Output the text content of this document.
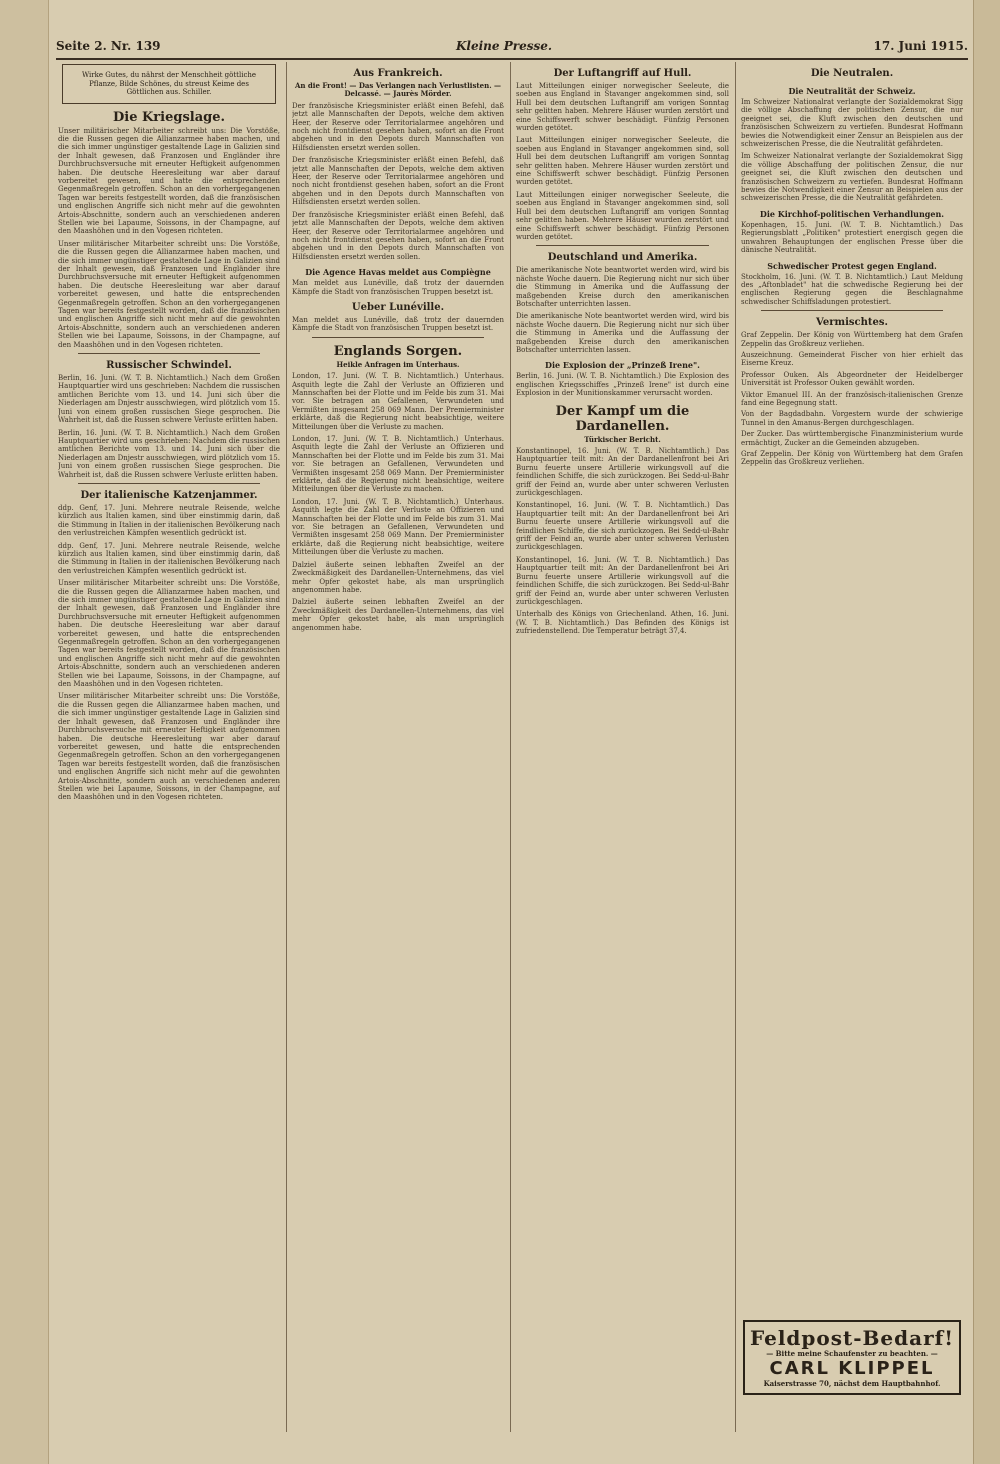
Seite 2. Nr. 139	Kleine Presse.	17. Juni 1915.
Wirke Gutes, du nährst der Menschheit göttliche Pflanze, Bilde Schönes, du streust Keime des Göttlichen aus. Schiller.
Die Kriegslage.

Unser militärischer Mitarbeiter schreibt uns: Die Vorstöße, die die Russen gegen die Allianzarmee haben machen, und die sich immer ungünstiger gestaltende Lage in Galizien sind der Inhalt gewesen, daß Franzosen und Engländer ihre Durchbruchsversuche mit erneuter Heftigkeit aufgenommen haben. Die deutsche Heeresleitung war aber darauf vorbereitet gewesen, und hatte die entsprechenden Gegenmaßregeln getroffen. Schon an den vorhergegangenen Tagen war bereits festgestellt worden, daß die französischen und englischen Angriffe sich nicht mehr auf die gewohnten Artois-Abschnitte, sondern auch an verschiedenen anderen Stellen wie bei Lapaume, Soissons, in der Champagne, auf den Maashöhen und in den Vogesen richteten.

Unser militärischer Mitarbeiter schreibt uns: Die Vorstöße, die die Russen gegen die Allianzarmee haben machen, und die sich immer ungünstiger gestaltende Lage in Galizien sind der Inhalt gewesen, daß Franzosen und Engländer ihre Durchbruchsversuche mit erneuter Heftigkeit aufgenommen haben. Die deutsche Heeresleitung war aber darauf vorbereitet gewesen, und hatte die entsprechenden Gegenmaßregeln getroffen. Schon an den vorhergegangenen Tagen war bereits festgestellt worden, daß die französischen und englischen Angriffe sich nicht mehr auf die gewohnten Artois-Abschnitte, sondern auch an verschiedenen anderen Stellen wie bei Lapaume, Soissons, in der Champagne, auf den Maashöhen und in den Vogesen richteten.

Russischer Schwindel.

Berlin, 16. Juni. (W. T. B. Nichtamtlich.) Nach dem Großen Hauptquartier wird uns geschrieben: Nachdem die russischen amtlichen Berichte vom 13. und 14. Juni sich über die Niederlagen am Dnjestr ausschwiegen, wird plötzlich vom 15. Juni von einem großen russischen Siege gesprochen. Die Wahrheit ist, daß die Russen schwere Verluste erlitten haben.

Berlin, 16. Juni. (W. T. B. Nichtamtlich.) Nach dem Großen Hauptquartier wird uns geschrieben: Nachdem die russischen amtlichen Berichte vom 13. und 14. Juni sich über die Niederlagen am Dnjestr ausschwiegen, wird plötzlich vom 15. Juni von einem großen russischen Siege gesprochen. Die Wahrheit ist, daß die Russen schwere Verluste erlitten haben.

Der italienische Katzenjammer.

ddp. Genf, 17. Juni. Mehrere neutrale Reisende, welche kürzlich aus Italien kamen, sind über einstimmig darin, daß die Stimmung in Italien in der italienischen Bevölkerung nach den verlustreichen Kämpfen wesentlich gedrückt ist.

ddp. Genf, 17. Juni. Mehrere neutrale Reisende, welche kürzlich aus Italien kamen, sind über einstimmig darin, daß die Stimmung in Italien in der italienischen Bevölkerung nach den verlustreichen Kämpfen wesentlich gedrückt ist.

Unser militärischer Mitarbeiter schreibt uns: Die Vorstöße, die die Russen gegen die Allianzarmee haben machen, und die sich immer ungünstiger gestaltende Lage in Galizien sind der Inhalt gewesen, daß Franzosen und Engländer ihre Durchbruchsversuche mit erneuter Heftigkeit aufgenommen haben. Die deutsche Heeresleitung war aber darauf vorbereitet gewesen, und hatte die entsprechenden Gegenmaßregeln getroffen. Schon an den vorhergegangenen Tagen war bereits festgestellt worden, daß die französischen und englischen Angriffe sich nicht mehr auf die gewohnten Artois-Abschnitte, sondern auch an verschiedenen anderen Stellen wie bei Lapaume, Soissons, in der Champagne, auf den Maashöhen und in den Vogesen richteten.

Unser militärischer Mitarbeiter schreibt uns: Die Vorstöße, die die Russen gegen die Allianzarmee haben machen, und die sich immer ungünstiger gestaltende Lage in Galizien sind der Inhalt gewesen, daß Franzosen und Engländer ihre Durchbruchsversuche mit erneuter Heftigkeit aufgenommen haben. Die deutsche Heeresleitung war aber darauf vorbereitet gewesen, und hatte die entsprechenden Gegenmaßregeln getroffen. Schon an den vorhergegangenen Tagen war bereits festgestellt worden, daß die französischen und englischen Angriffe sich nicht mehr auf die gewohnten Artois-Abschnitte, sondern auch an verschiedenen anderen Stellen wie bei Lapaume, Soissons, in der Champagne, auf den Maashöhen und in den Vogesen richteten.

Aus Frankreich.
An die Front! — Das Verlangen nach Verlustlisten. — Delcassé. — Jaurès Mörder.

Der französische Kriegsminister erläßt einen Befehl, daß jetzt alle Mannschaften der Depots, welche dem aktiven Heer, der Reserve oder Territorialarmee angehören und noch nicht frontdienst gesehen haben, sofort an die Front abgehen und in den Depots durch Mannschaften von Hilfsdiensten ersetzt werden sollen.

Der französische Kriegsminister erläßt einen Befehl, daß jetzt alle Mannschaften der Depots, welche dem aktiven Heer, der Reserve oder Territorialarmee angehören und noch nicht frontdienst gesehen haben, sofort an die Front abgehen und in den Depots durch Mannschaften von Hilfsdiensten ersetzt werden sollen.

Der französische Kriegsminister erläßt einen Befehl, daß jetzt alle Mannschaften der Depots, welche dem aktiven Heer, der Reserve oder Territorialarmee angehören und noch nicht frontdienst gesehen haben, sofort an die Front abgehen und in den Depots durch Mannschaften von Hilfsdiensten ersetzt werden sollen.

Die Agence Havas meldet aus Compiègne

Man meldet aus Lunéville, daß trotz der dauernden Kämpfe die Stadt von französischen Truppen besetzt ist.

Ueber Lunéville.

Man meldet aus Lunéville, daß trotz der dauernden Kämpfe die Stadt von französischen Truppen besetzt ist.

Englands Sorgen.
Heikle Anfragen im Unterhaus.

London, 17. Juni. (W. T. B. Nichtamtlich.) Unterhaus. Asquith legte die Zahl der Verluste an Offizieren und Mannschaften bei der Flotte und im Felde bis zum 31. Mai vor. Sie betragen an Gefallenen, Verwundeten und Vermißten insgesamt 258 069 Mann. Der Premierminister erklärte, daß die Regierung nicht beabsichtige, weitere Mitteilungen über die Verluste zu machen.

London, 17. Juni. (W. T. B. Nichtamtlich.) Unterhaus. Asquith legte die Zahl der Verluste an Offizieren und Mannschaften bei der Flotte und im Felde bis zum 31. Mai vor. Sie betragen an Gefallenen, Verwundeten und Vermißten insgesamt 258 069 Mann. Der Premierminister erklärte, daß die Regierung nicht beabsichtige, weitere Mitteilungen über die Verluste zu machen.

London, 17. Juni. (W. T. B. Nichtamtlich.) Unterhaus. Asquith legte die Zahl der Verluste an Offizieren und Mannschaften bei der Flotte und im Felde bis zum 31. Mai vor. Sie betragen an Gefallenen, Verwundeten und Vermißten insgesamt 258 069 Mann. Der Premierminister erklärte, daß die Regierung nicht beabsichtige, weitere Mitteilungen über die Verluste zu machen.

Dalziel äußerte seinen lebhaften Zweifel an der Zweckmäßigkeit des Dardanellen-Unternehmens, das viel mehr Opfer gekostet habe, als man ursprünglich angenommen habe.

Dalziel äußerte seinen lebhaften Zweifel an der Zweckmäßigkeit des Dardanellen-Unternehmens, das viel mehr Opfer gekostet habe, als man ursprünglich angenommen habe.

Der Luftangriff auf Hull.

Laut Mitteilungen einiger norwegischer Seeleute, die soeben aus England in Stavanger angekommen sind, soll Hull bei dem deutschen Luftangriff am vorigen Sonntag sehr gelitten haben. Mehrere Häuser wurden zerstört und eine Schiffswerft schwer beschädigt. Fünfzig Personen wurden getötet.

Laut Mitteilungen einiger norwegischer Seeleute, die soeben aus England in Stavanger angekommen sind, soll Hull bei dem deutschen Luftangriff am vorigen Sonntag sehr gelitten haben. Mehrere Häuser wurden zerstört und eine Schiffswerft schwer beschädigt. Fünfzig Personen wurden getötet.

Laut Mitteilungen einiger norwegischer Seeleute, die soeben aus England in Stavanger angekommen sind, soll Hull bei dem deutschen Luftangriff am vorigen Sonntag sehr gelitten haben. Mehrere Häuser wurden zerstört und eine Schiffswerft schwer beschädigt. Fünfzig Personen wurden getötet.

Deutschland und Amerika.

Die amerikanische Note beantwortet werden wird, wird bis nächste Woche dauern. Die Regierung nicht nur sich über die Stimmung in Amerika und die Auffassung der maßgebenden Kreise durch den amerikanischen Botschafter unterrichten lassen.

Die amerikanische Note beantwortet werden wird, wird bis nächste Woche dauern. Die Regierung nicht nur sich über die Stimmung in Amerika und die Auffassung der maßgebenden Kreise durch den amerikanischen Botschafter unterrichten lassen.

Die Explosion der „Prinzeß Irene".

Berlin, 16. Juni. (W. T. B. Nichtamtlich.) Die Explosion des englischen Kriegsschiffes „Prinzeß Irene" ist durch eine Explosion in der Munitionskammer verursacht worden.

Der Kampf um die Dardanellen.
Türkischer Bericht.

Konstantinopel, 16. Juni. (W. T. B. Nichtamtlich.) Das Hauptquartier teilt mit: An der Dardanellenfront bei Ari Burnu feuerte unsere Artillerie wirkungsvoll auf die feindlichen Schiffe, die sich zurückzogen. Bei Sedd-ul-Bahr griff der Feind an, wurde aber unter schweren Verlusten zurückgeschlagen.

Konstantinopel, 16. Juni. (W. T. B. Nichtamtlich.) Das Hauptquartier teilt mit: An der Dardanellenfront bei Ari Burnu feuerte unsere Artillerie wirkungsvoll auf die feindlichen Schiffe, die sich zurückzogen. Bei Sedd-ul-Bahr griff der Feind an, wurde aber unter schweren Verlusten zurückgeschlagen.

Konstantinopel, 16. Juni. (W. T. B. Nichtamtlich.) Das Hauptquartier teilt mit: An der Dardanellenfront bei Ari Burnu feuerte unsere Artillerie wirkungsvoll auf die feindlichen Schiffe, die sich zurückzogen. Bei Sedd-ul-Bahr griff der Feind an, wurde aber unter schweren Verlusten zurückgeschlagen.

Unterhalb des Königs von Griechenland. Athen, 16. Juni. (W. T. B. Nichtamtlich.) Das Befinden des Königs ist zufriedenstellend. Die Temperatur beträgt 37,4.

Die Neutralen.
Die Neutralität der Schweiz.

Im Schweizer Nationalrat verlangte der Sozialdemokrat Sigg die völlige Abschaffung der politischen Zensur, die nur geeignet sei, die Kluft zwischen den deutschen und französischen Schweizern zu vertiefen. Bundesrat Hoffmann bewies die Notwendigkeit einer Zensur an Beispielen aus der schweizerischen Presse, die die Neutralität gefährdeten.

Im Schweizer Nationalrat verlangte der Sozialdemokrat Sigg die völlige Abschaffung der politischen Zensur, die nur geeignet sei, die Kluft zwischen den deutschen und französischen Schweizern zu vertiefen. Bundesrat Hoffmann bewies die Notwendigkeit einer Zensur an Beispielen aus der schweizerischen Presse, die die Neutralität gefährdeten.

Die Kirchhof-politischen Verhandlungen.

Kopenhagen, 15. Juni. (W. T. B. Nichtamtlich.) Das Regierungsblatt „Politiken" protestiert energisch gegen die unwahren Behauptungen der englischen Presse über die dänische Neutralität.

Schwedischer Protest gegen England.

Stockholm, 16. Juni. (W. T. B. Nichtamtlich.) Laut Meldung des „Aftonbladet" hat die schwedische Regierung bei der englischen Regierung gegen die Beschlagnahme schwedischer Schiffsladungen protestiert.

Vermischtes.

Graf Zeppelin. Der König von Württemberg hat dem Grafen Zeppelin das Großkreuz verliehen.

Auszeichnung. Gemeinderat Fischer von hier erhielt das Eiserne Kreuz.

Professor Ouken. Als Abgeordneter der Heidelberger Universität ist Professor Ouken gewählt worden.

Viktor Emanuel III. An der französisch-italienischen Grenze fand eine Begegnung statt.

Von der Bagdadbahn. Vorgestern wurde der schwierige Tunnel in den Amanus-Bergen durchgeschlagen.

Der Zucker. Das württembergische Finanzministerium wurde ermächtigt, Zucker an die Gemeinden abzugeben.

Graf Zeppelin. Der König von Württemberg hat dem Grafen Zeppelin das Großkreuz verliehen.

Feldpost-Bedarf!
— Bitte meine Schaufenster zu beachten. —
CARL KLIPPEL
Kaiserstrasse 70, nächst dem Hauptbahnhof.
